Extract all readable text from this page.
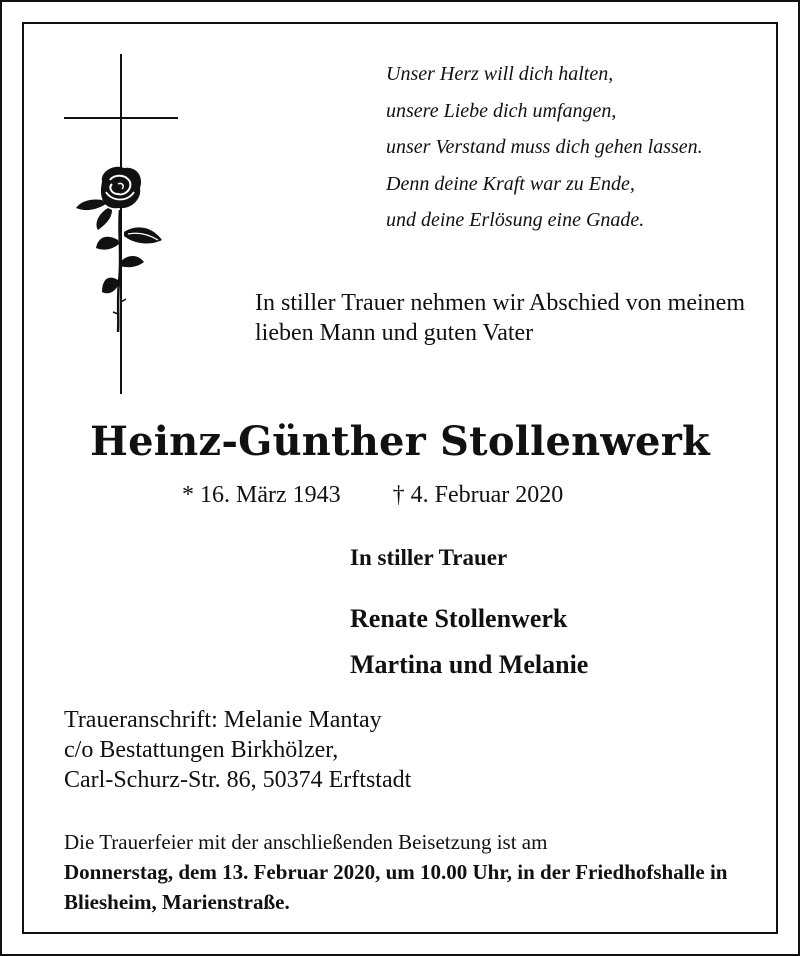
Unser Herz will dich halten,
unsere Liebe dich umfangen,
unser Verstand muss dich gehen lassen.
Denn deine Kraft war zu Ende,
und deine Erlösung eine Gnade.
In stiller Trauer nehmen wir Abschied von meinem lieben Mann und guten Vater
Heinz-Günther Stollenwerk
* 16. März 1943 † 4. Februar 2020
In stiller Trauer
Renate Stollenwerk
Martina und Melanie
Traueranschrift: Melanie Mantay
c/o Bestattungen Birkhölzer,
Carl-Schurz-Str. 86, 50374 Erftstadt
Die Trauerfeier mit der anschließenden Beisetzung ist am
Donnerstag, dem 13. Februar 2020, um 10.00 Uhr, in der Friedhofshalle in Bliesheim, Marienstraße.
